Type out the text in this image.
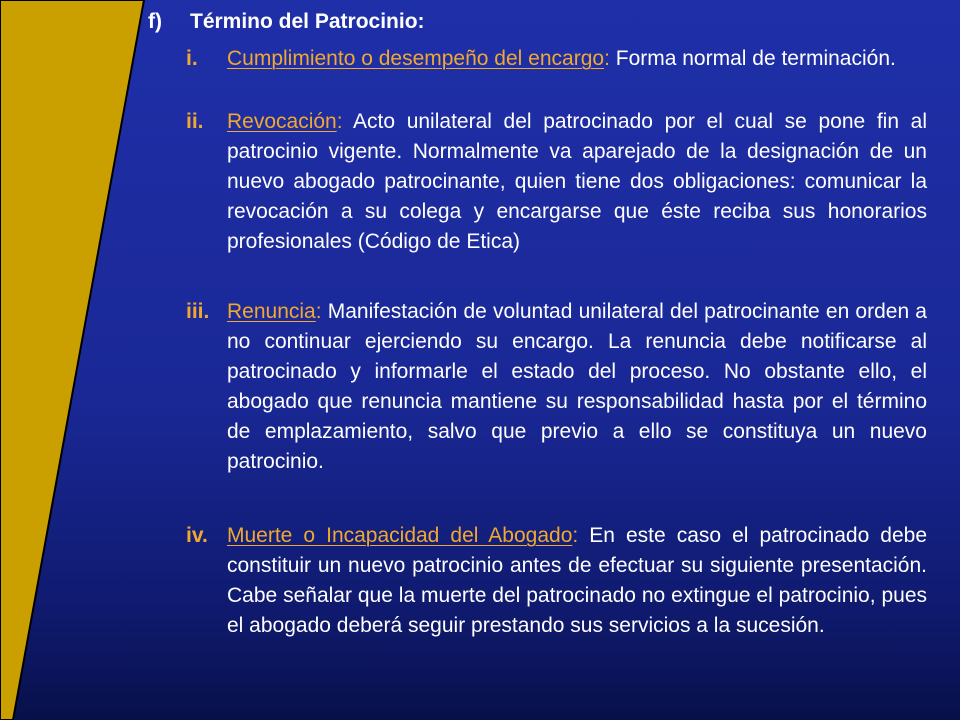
f) Término del Patrocinio:
i.	Cumplimiento o desempeño del encargo: Forma normal de terminación.
ii.	Revocación: Acto unilateral del patrocinado por el cual se pone fin al patrocinio vigente. Normalmente va aparejado de la designación de un nuevo abogado patrocinante, quien tiene dos obligaciones: comunicar la revocación a su colega y encargarse que éste reciba sus honorarios profesionales (Código de Etica)
iii. Renuncia: Manifestación de voluntad unilateral del patrocinante en orden a no continuar ejerciendo su encargo. La renuncia debe notificarse al patrocinado y informarle el estado del proceso. No obstante ello, el abogado que renuncia mantiene su responsabilidad hasta por el término de emplazamiento, salvo que previo a ello se constituya un nuevo patrocinio.
iv. Muerte o Incapacidad del Abogado: En este caso el patrocinado debe constituir un nuevo patrocinio antes de efectuar su siguiente presentación. Cabe señalar que la muerte del patrocinado no extingue el patrocinio, pues el abogado deberá seguir prestando sus servicios a la sucesión.
